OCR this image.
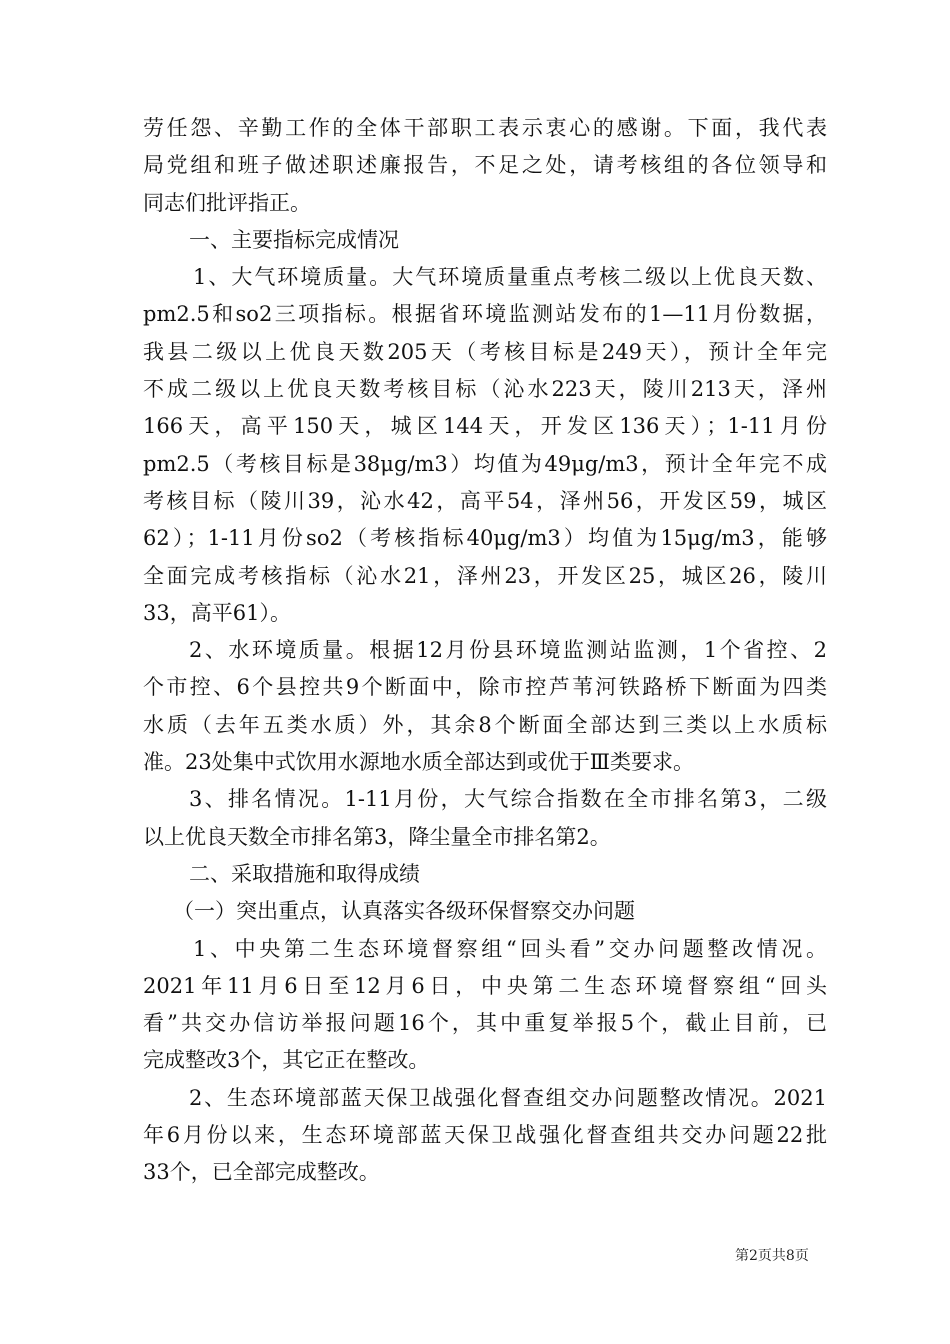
劳任怨、辛勤工作的全体干部职工表示衷心的感谢。下面，我代表
局党组和班子做述职述廉报告，不足之处，请考核组的各位领导和
同志们批评指正。
一、主要指标完成情况
1、大气环境质量。大气环境质量重点考核二级以上优良天数、
pm2.5和so2三项指标。根据省环境监测站发布的1—11月份数据，
我县二级以上优良天数205天（考核目标是249天），预计全年完
不成二级以上优良天数考核目标（沁水223天，陵川213天，泽州
166天，高平150天，城区144天，开发区136天）；1-11月份
pm2.5（考核目标是38μg/m3）均值为49μg/m3，预计全年完不成
考核目标（陵川39，沁水42，高平54，泽州56，开发区59，城区
62）；1-11月份so2（考核指标40μg/m3）均值为15μg/m3，能够
全面完成考核指标（沁水21，泽州23，开发区25，城区26，陵川
33，高平61）。
2、水环境质量。根据12月份县环境监测站监测，1个省控、2
个市控、6个县控共9个断面中，除市控芦苇河铁路桥下断面为四类
水质（去年五类水质）外，其余8个断面全部达到三类以上水质标
准。23处集中式饮用水源地水质全部达到或优于Ⅲ类要求。
3、排名情况。1-11月份，大气综合指数在全市排名第3，二级
以上优良天数全市排名第3，降尘量全市排名第2。
二、采取措施和取得成绩
（一）突出重点，认真落实各级环保督察交办问题
1、中央第二生态环境督察组“回头看”交办问题整改情况。
2021年11月6日至12月6日，中央第二生态环境督察组“回头
看”共交办信访举报问题16个，其中重复举报5个，截止目前，已
完成整改3个，其它正在整改。
2、生态环境部蓝天保卫战强化督查组交办问题整改情况。2021
年6月份以来，生态环境部蓝天保卫战强化督查组共交办问题22批
33个，已全部完成整改。
第2页共8页
